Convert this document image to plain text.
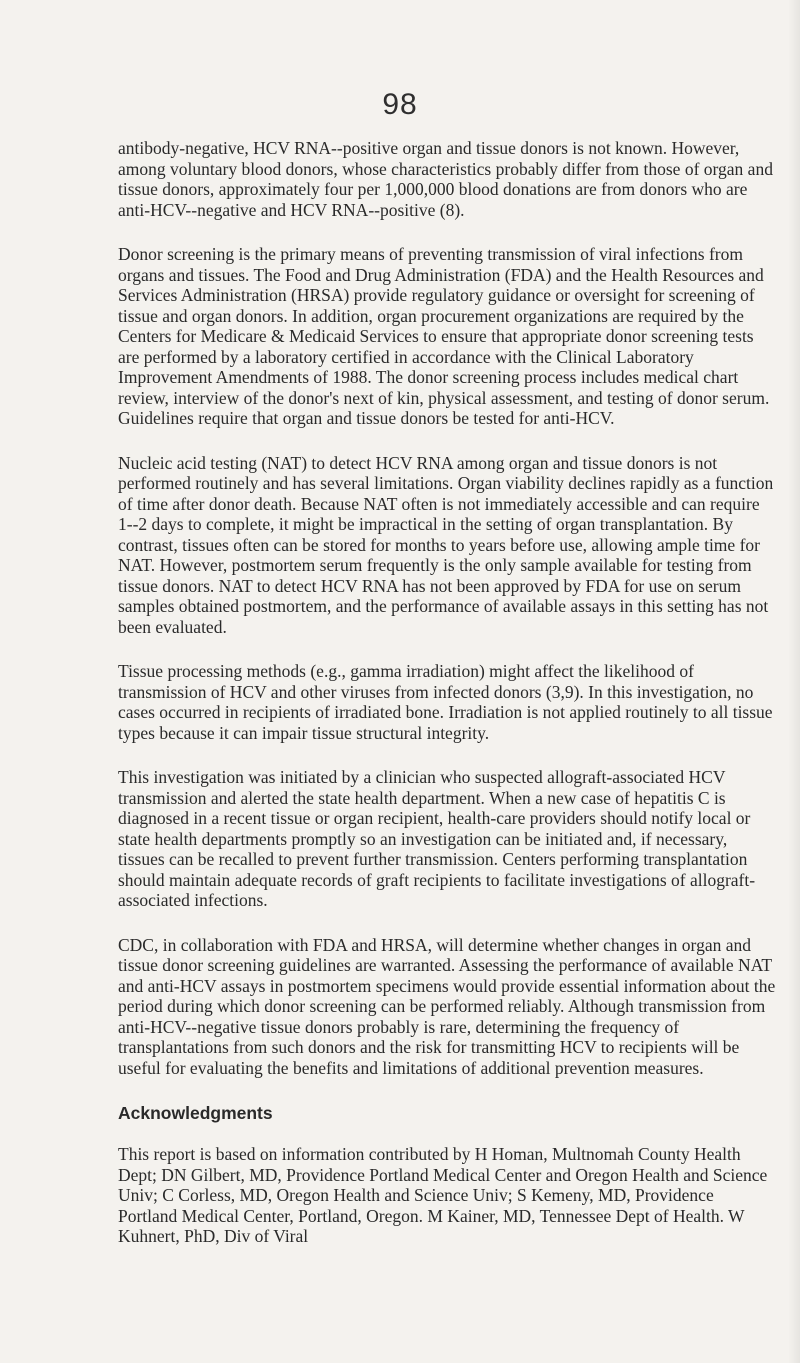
98

antibody-negative, HCV RNA--positive organ and tissue donors is not known. However, among voluntary blood donors, whose characteristics probably differ from those of organ and tissue donors, approximately four per 1,000,000 blood donations are from donors who are anti-HCV--negative and HCV RNA--positive (8).

Donor screening is the primary means of preventing transmission of viral infections from organs and tissues. The Food and Drug Administration (FDA) and the Health Resources and Services Administration (HRSA) provide regulatory guidance or oversight for screening of tissue and organ donors. In addition, organ procurement organizations are required by the Centers for Medicare & Medicaid Services to ensure that appropriate donor screening tests are performed by a laboratory certified in accordance with the Clinical Laboratory Improvement Amendments of 1988. The donor screening process includes medical chart review, interview of the donor's next of kin, physical assessment, and testing of donor serum. Guidelines require that organ and tissue donors be tested for anti-HCV.

Nucleic acid testing (NAT) to detect HCV RNA among organ and tissue donors is not performed routinely and has several limitations. Organ viability declines rapidly as a function of time after donor death. Because NAT often is not immediately accessible and can require 1--2 days to complete, it might be impractical in the setting of organ transplantation. By contrast, tissues often can be stored for months to years before use, allowing ample time for NAT. However, postmortem serum frequently is the only sample available for testing from tissue donors. NAT to detect HCV RNA has not been approved by FDA for use on serum samples obtained postmortem, and the performance of available assays in this setting has not been evaluated.

Tissue processing methods (e.g., gamma irradiation) might affect the likelihood of transmission of HCV and other viruses from infected donors (3,9). In this investigation, no cases occurred in recipients of irradiated bone. Irradiation is not applied routinely to all tissue types because it can impair tissue structural integrity.

This investigation was initiated by a clinician who suspected allograft-associated HCV transmission and alerted the state health department. When a new case of hepatitis C is diagnosed in a recent tissue or organ recipient, health-care providers should notify local or state health departments promptly so an investigation can be initiated and, if necessary, tissues can be recalled to prevent further transmission. Centers performing transplantation should maintain adequate records of graft recipients to facilitate investigations of allograft-associated infections.

CDC, in collaboration with FDA and HRSA, will determine whether changes in organ and tissue donor screening guidelines are warranted. Assessing the performance of available NAT and anti-HCV assays in postmortem specimens would provide essential information about the period during which donor screening can be performed reliably. Although transmission from anti-HCV--negative tissue donors probably is rare, determining the frequency of transplantations from such donors and the risk for transmitting HCV to recipients will be useful for evaluating the benefits and limitations of additional prevention measures.

Acknowledgments

This report is based on information contributed by H Homan, Multnomah County Health Dept; DN Gilbert, MD, Providence Portland Medical Center and Oregon Health and Science Univ; C Corless, MD, Oregon Health and Science Univ; S Kemeny, MD, Providence Portland Medical Center, Portland, Oregon. M Kainer, MD, Tennessee Dept of Health. W Kuhnert, PhD, Div of Viral
